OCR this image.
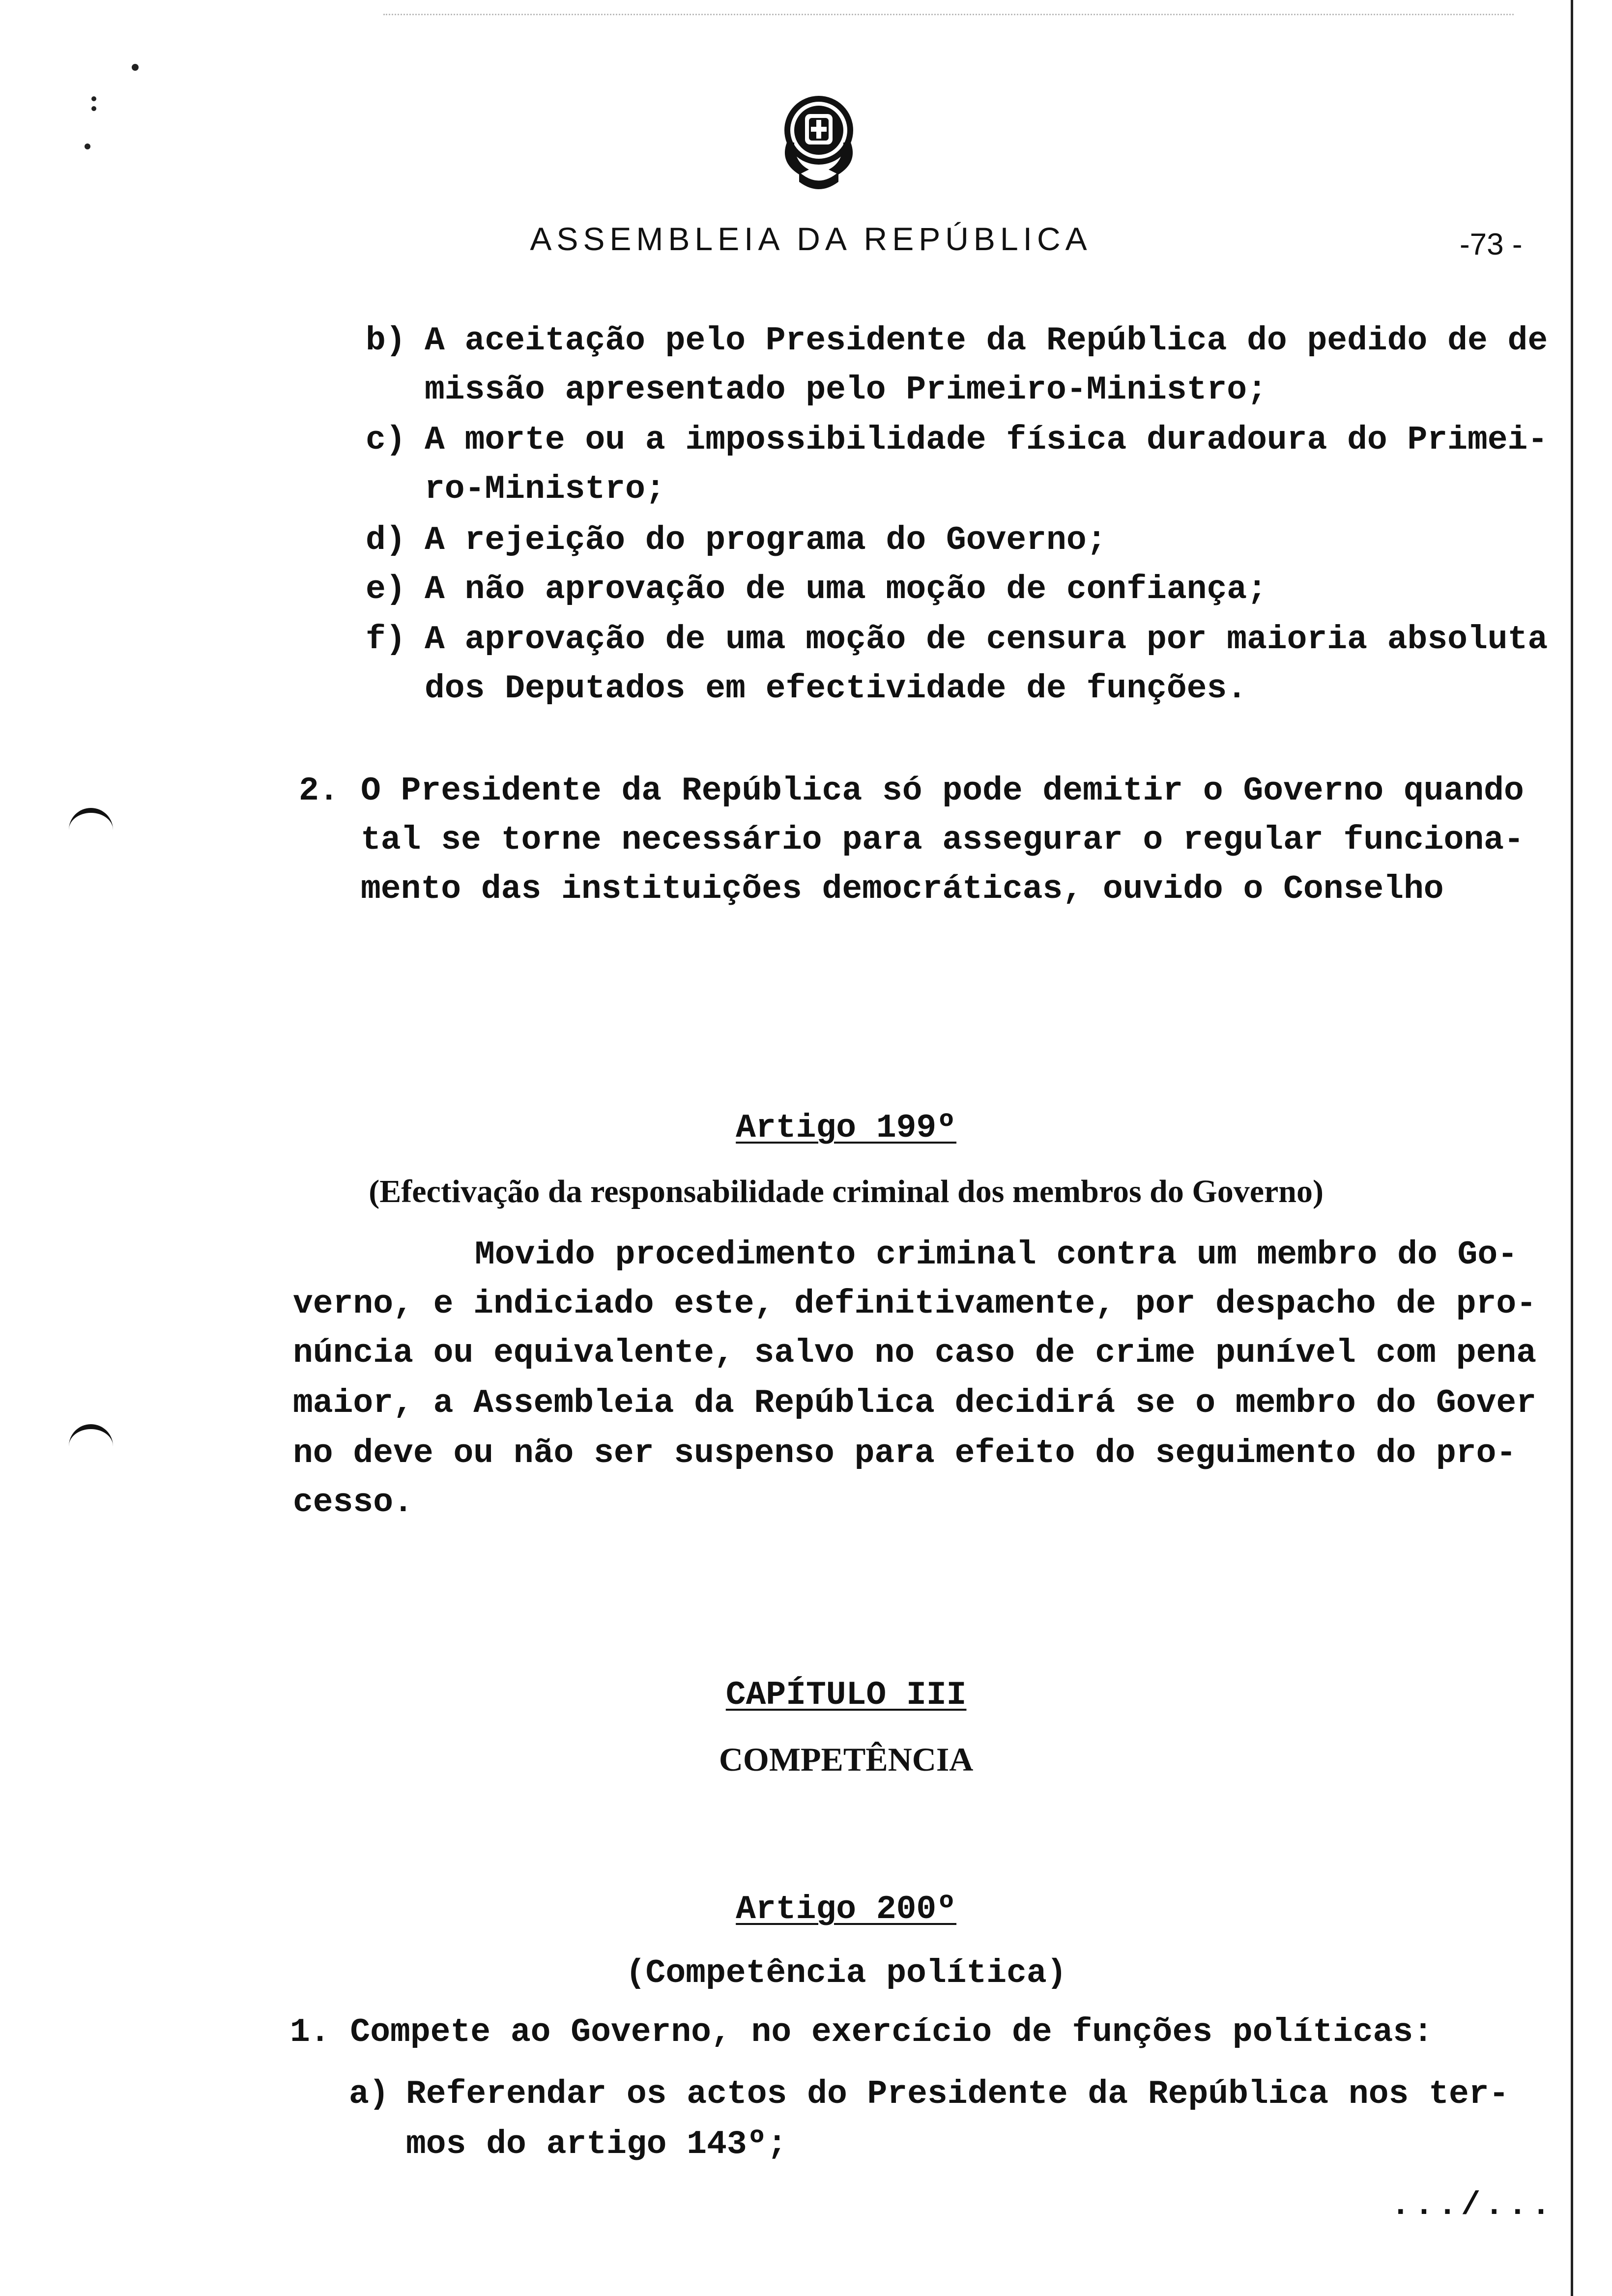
ASSEMBLEIA DA REPÚBLICA	-73 -
b) A aceitação pelo Presidente da República do pedido de de
missão apresentado pelo Primeiro-Ministro;
c) A morte ou a impossibilidade física duradoura do Primei-
ro-Ministro;
d) A rejeição do programa do Governo;
e) A não aprovação de uma moção de confiança;
f) A aprovação de uma moção de censura por maioria absoluta
dos Deputados em efectividade de funções.
2. O Presidente da República só pode demitir o Governo quando
tal se torne necessário para assegurar o regular funciona-
mento das instituições democráticas, ouvido o Conselho

Artigo 199º

(Efectivação da responsabilidade criminal dos membros do Governo)

Movido procedimento criminal contra um membro do Go-
verno, e indiciado este, definitivamente, por despacho de pro-
núncia ou equivalente, salvo no caso de crime punível com pena
maior, a Assembleia da República decidirá se o membro do Gover
no deve ou não ser suspenso para efeito do seguimento do pro-
cesso.

CAPÍTULO III

COMPETÊNCIA

Artigo 200º

(Competência política)

1. Compete ao Governo, no exercício de funções políticas:
a) Referendar os actos do Presidente da República nos ter-
mos do artigo 143º;
.../...
